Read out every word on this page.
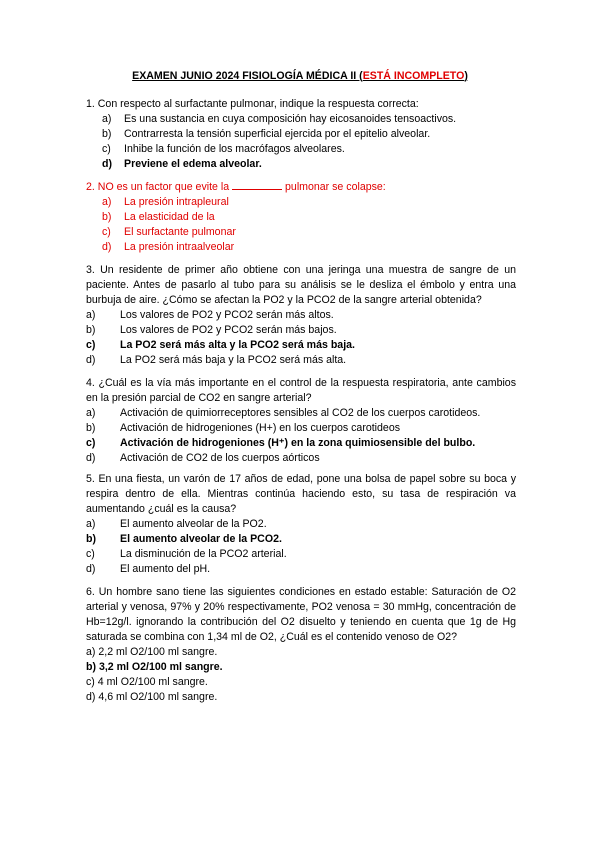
EXAMEN JUNIO 2024 FISIOLOGÍA MÉDICA II (ESTÁ INCOMPLETO)

1. Con respecto al surfactante pulmonar, indique la respuesta correcta:

a)	Es una sustancia en cuya composición hay eicosanoides tensoactivos.
b)	Contrarresta la tensión superficial ejercida por el epitelio alveolar.
c)	Inhibe la función de los macrófagos alveolares.
d)	Previene el edema alveolar.

2. NO es un factor que evite la	pulmonar se colapse:

a)	La presión intrapleural
b)	La elasticidad de la
c)	El surfactante pulmonar
d)	La presión intraalveolar

3. Un residente de primer año obtiene con una jeringa una muestra de sangre de un paciente. Antes de pasarlo al tubo para su análisis se le desliza el émbolo y entra una burbuja de aire. ¿Cómo se afectan la PO2 y la PCO2 de la sangre arterial obtenida?

a)	Los valores de PO2 y PCO2 serán más altos.
b)	Los valores de PO2 y PCO2 serán más bajos.
c)	La PO2 será más alta y la PCO2 será más baja.
d)	La PO2 será más baja y la PCO2 será más alta.

4. ¿Cuál es la vía más importante en el control de la respuesta respiratoria, ante cambios en la presión parcial de CO2 en sangre arterial?

a)	Activación de quimiorreceptores sensibles al CO2 de los cuerpos carotideos.
b)	Activación de hidrogeniones (H+) en los cuerpos carotideos
c)	Activación de hidrogeniones (H⁺) en la zona quimiosensible del bulbo.
d)	Activación de CO2 de los cuerpos aórticos

5. En una fiesta, un varón de 17 años de edad, pone una bolsa de papel sobre su boca y respira dentro de ella. Mientras continúa haciendo esto, su tasa de respiración va aumentando ¿cuál es la causa?

a)	El aumento alveolar de la PO2.
b)	El aumento alveolar de la PCO2.
c)	La disminución de la PCO2 arterial.
d)	El aumento del pH.

6. Un hombre sano tiene las siguientes condiciones en estado estable: Saturación de O2 arterial y venosa, 97% y 20% respectivamente, PO2 venosa = 30 mmHg, concentración de Hb=12g/l. ignorando la contribución del O2 disuelto y teniendo en cuenta que 1g de Hg saturada se combina con 1,34 ml de O2, ¿Cuál es el contenido venoso de O2?

a) 2,2 ml O2/100 ml sangre.
b) 3,2 ml O2/100 ml sangre.
c) 4 ml O2/100 ml sangre.
d) 4,6 ml O2/100 ml sangre.
